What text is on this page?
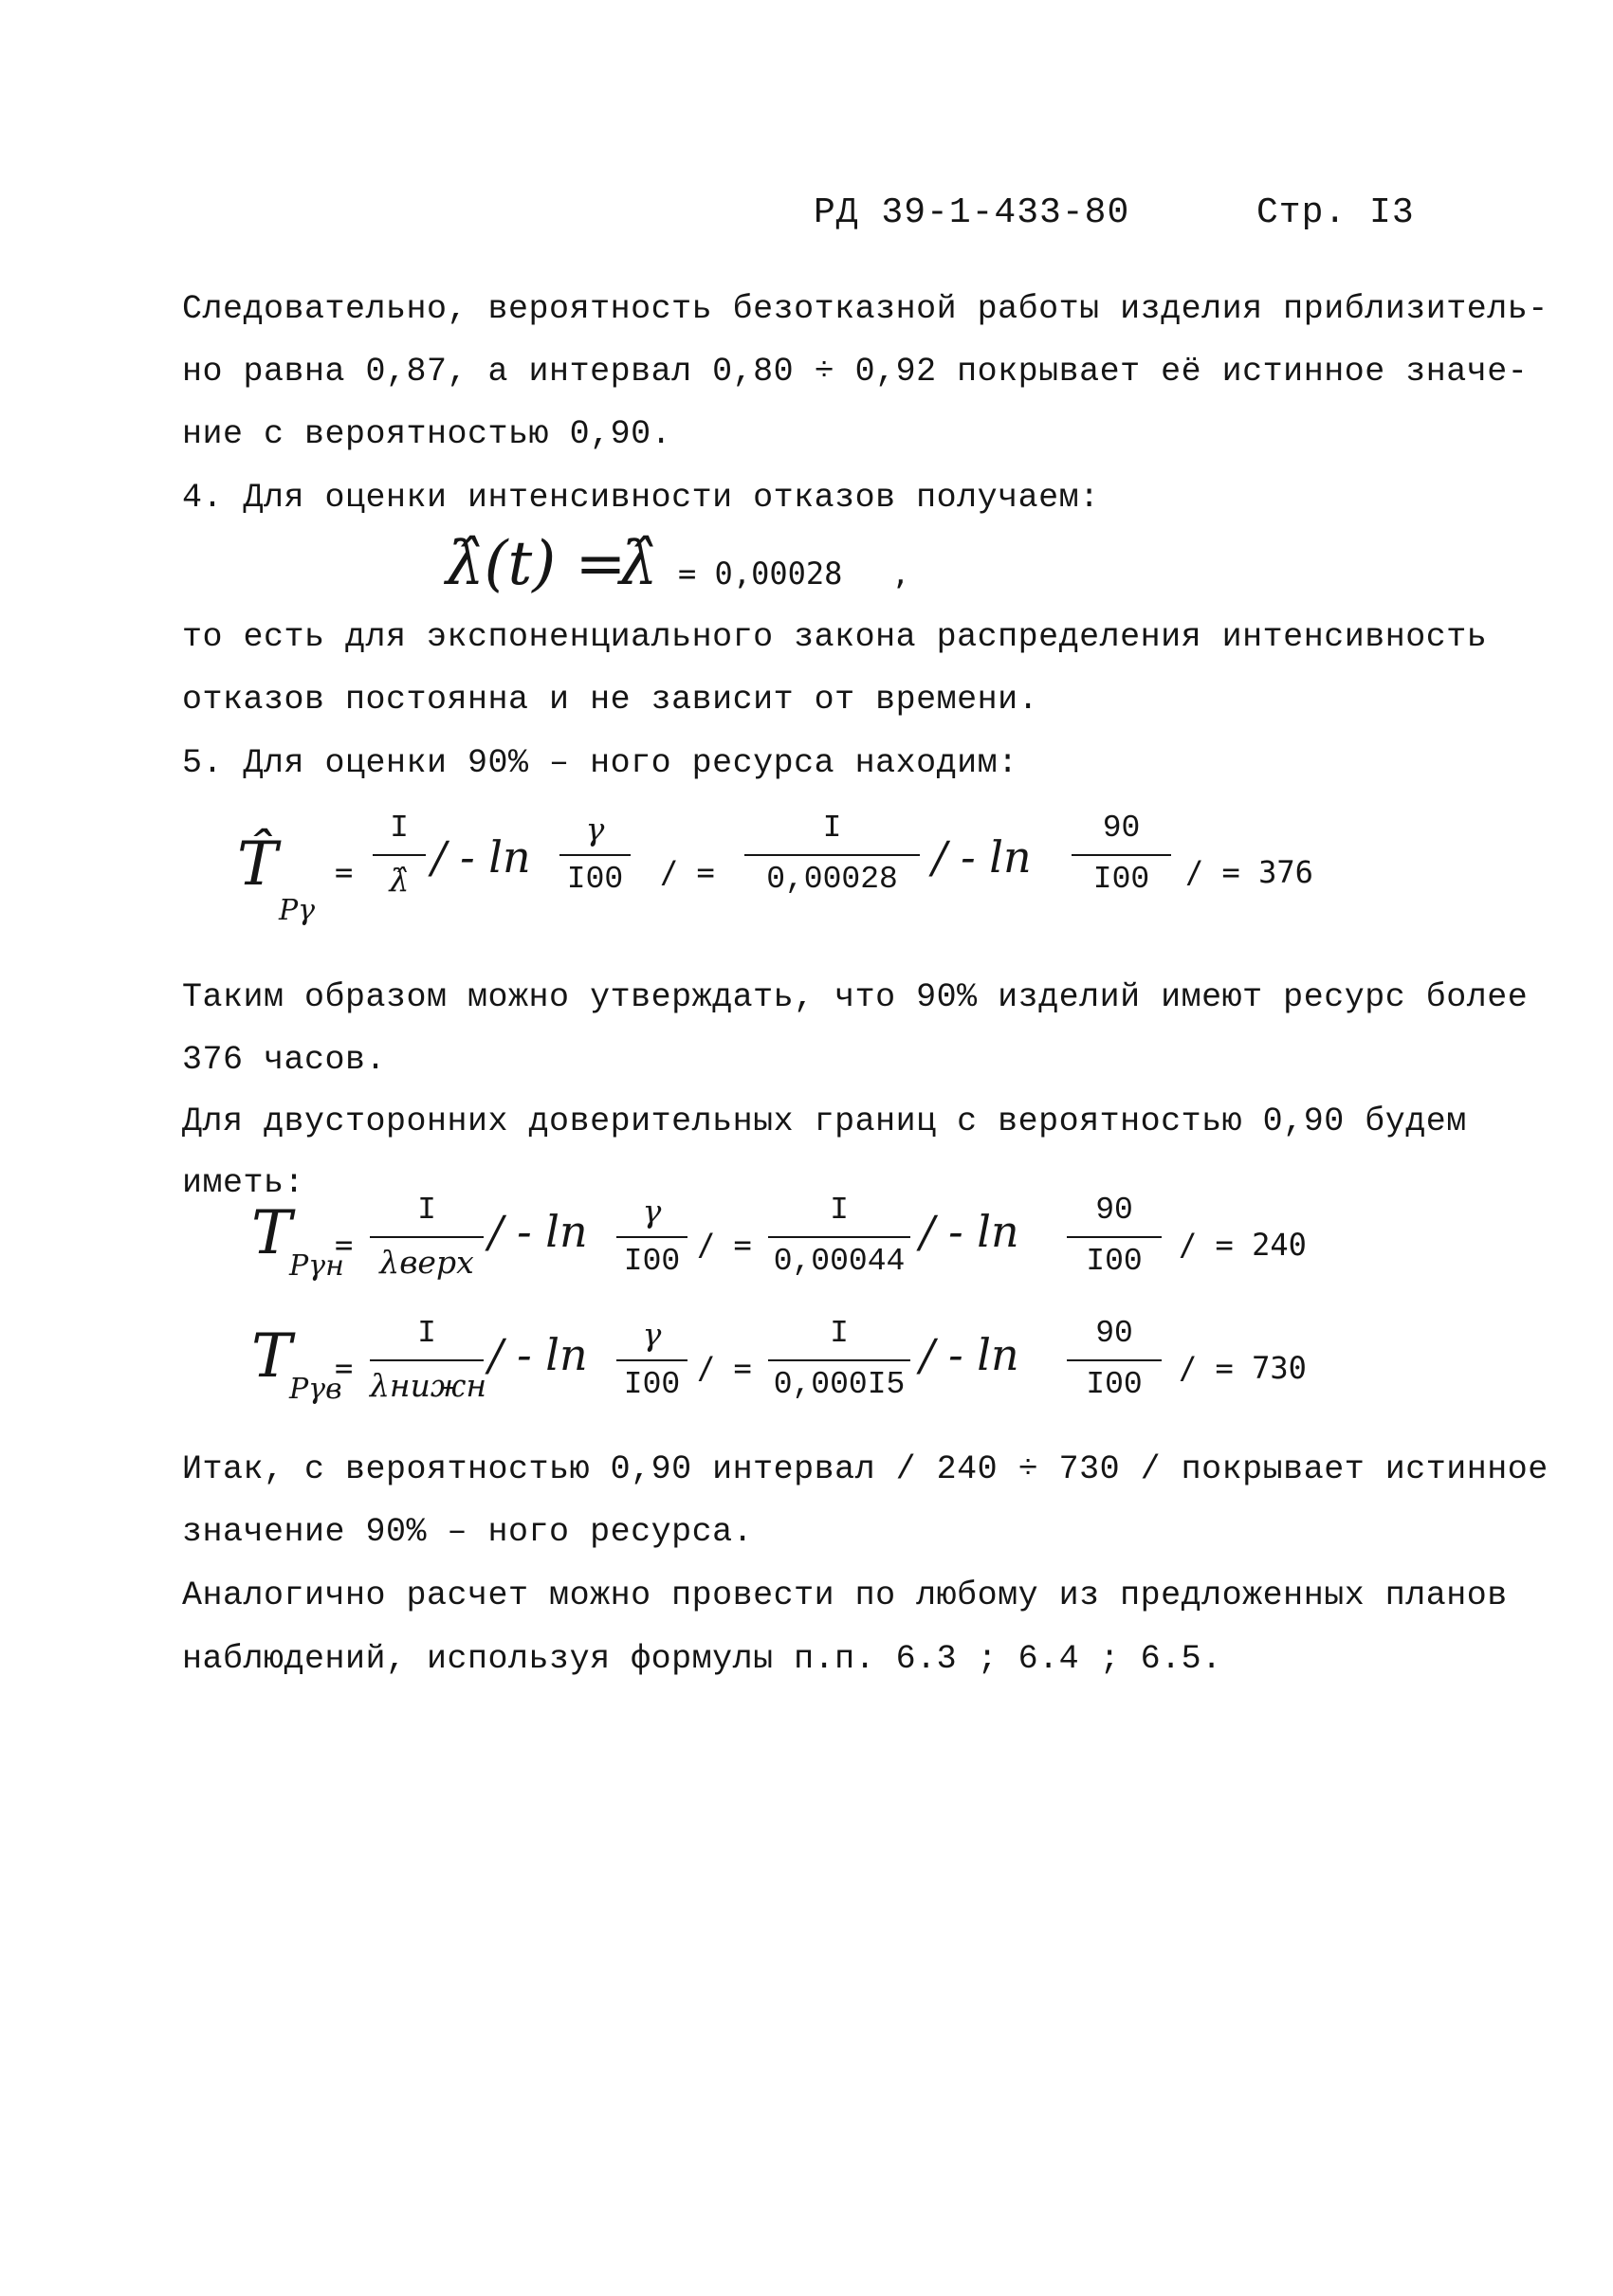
РД 39-1-433-80	Стр. I3
Следовательно, вероятность безотказной работы изделия приблизитель-
но равна 0,87, а интервал 0,80 ÷ 0,92 покрывает её истинное значе-
ние с вероятностью 0,90.
4. Для оценки интенсивности отказов получаем:
λ̂(t) =
λ̂ = 0,00028 ,
то есть для экспоненциального закона распределения интенсивность
отказов постоянна и не зависит от времени.
5. Для оценки 90% – ного ресурса находим:
T̂
Pγ
=
I
λ̂ / - ln
γ
I00 / =
I
0,00028 / - ln
90
I00	/ = 376
Таким образом можно утверждать, что 90% изделий имеют ресурс более
376 часов.
Для двусторонних доверительных границ с вероятностью 0,90 будем
иметь:
T
Pγн
=
I
λверх
/ - ln	γ
I00 / =
I
0,00044
/ - ln	90
I00	/ = 240
T
Pγв
=
I
λнижн
/ - ln	γ
I00 / =
I
0,000I5
/ - ln	90
I00	/ = 730
Итак, с вероятностью 0,90 интервал / 240 ÷ 730 / покрывает истинное
значение 90% – ного ресурса.
Аналогично расчет можно провести по любому из предложенных планов
наблюдений, используя формулы п.п. 6.3 ; 6.4 ; 6.5.
